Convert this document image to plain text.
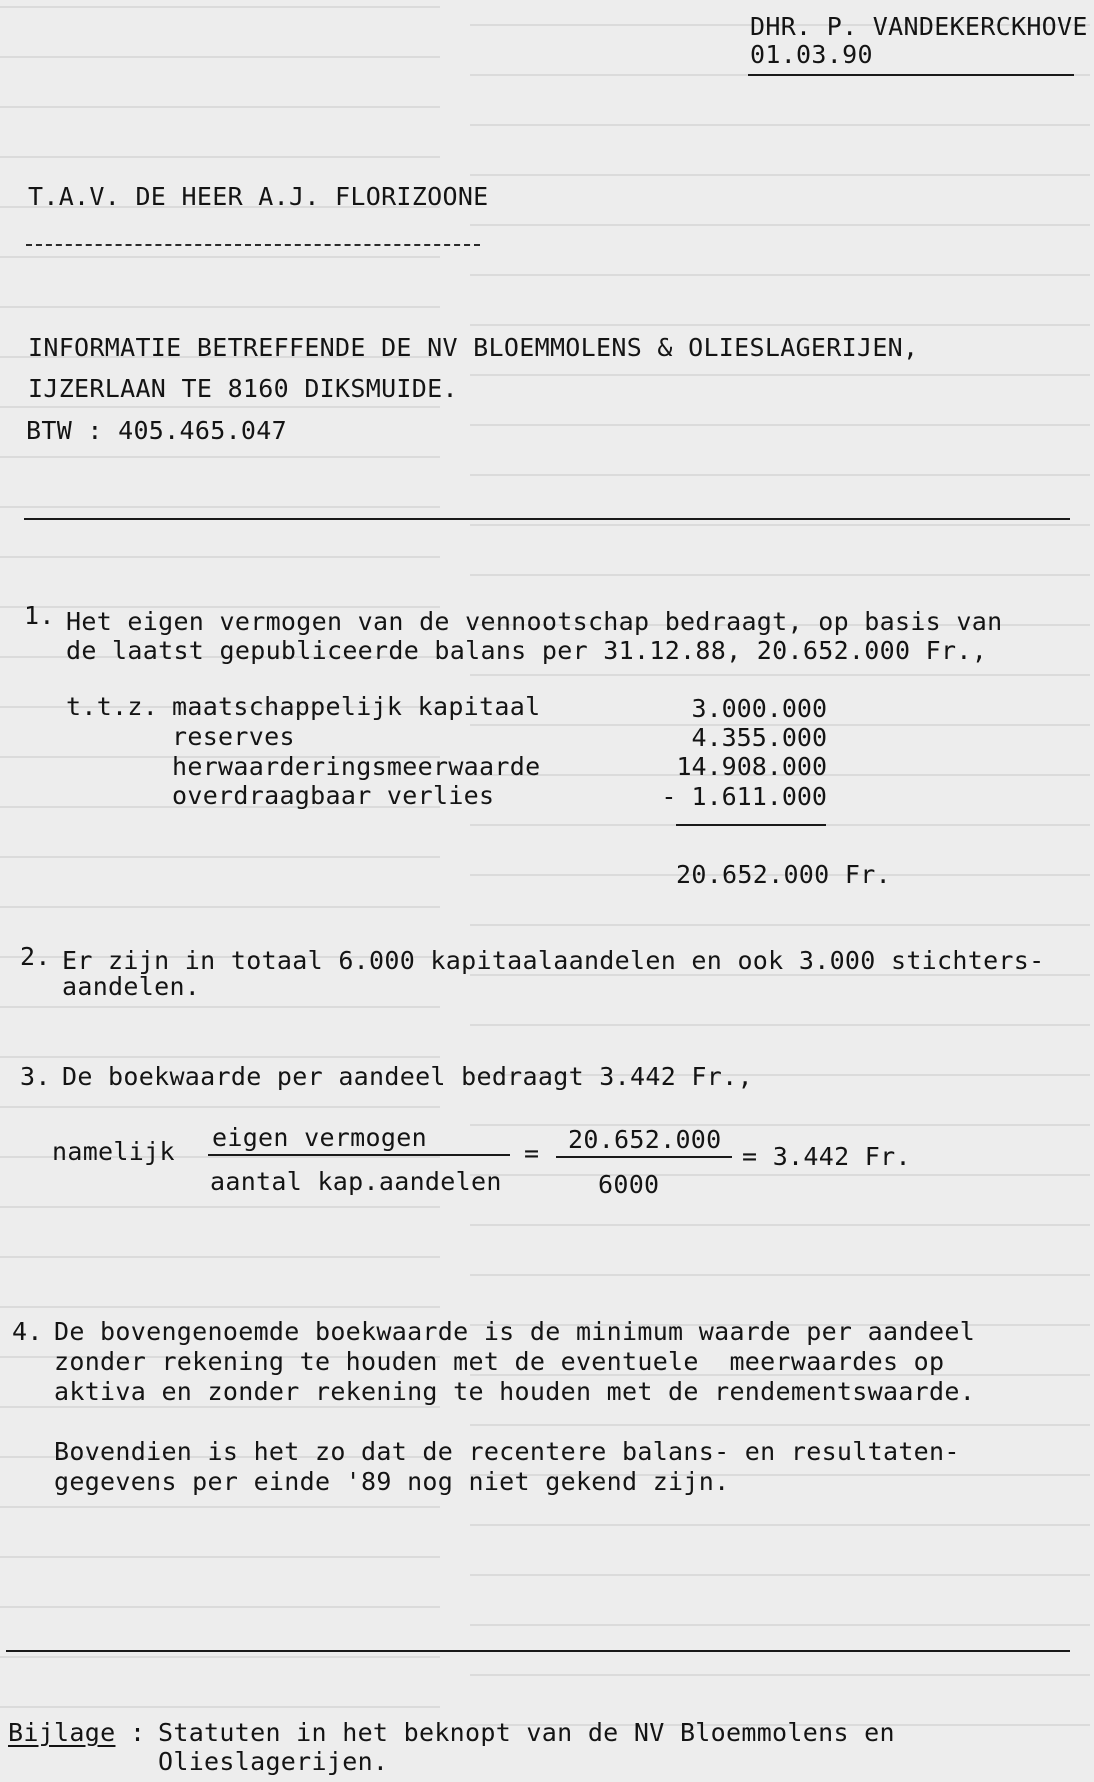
DHR. P. VANDEKERCKHOVE
01.03.90
T.A.V. DE HEER A.J. FLORIZOONE
INFORMATIE BETREFFENDE DE NV BLOEMMOLENS & OLIESLAGERIJEN,
IJZERLAAN TE 8160 DIKSMUIDE.
BTW : 405.465.047
1. Het eigen vermogen van de vennootschap bedraagt, op basis van
de laatst gepubliceerde balans per 31.12.88, 20.652.000 Fr.,
t.t.z. maatschappelijk kapitaal
reserves
herwaarderingsmeerwaarde
overdraagbaar verlies
3.000.000
4.355.000
14.908.000
- 1.611.000
20.652.000 Fr.
2. Er zijn in totaal 6.000 kapitaalaandelen en ook 3.000 stichters-
aandelen.
3. De boekwaarde per aandeel bedraagt 3.442 Fr.,
namelijk eigen vermogen
aantal kap.aandelen
= 20.652.000
6000
= 3.442 Fr.
4. De bovengenoemde boekwaarde is de minimum waarde per aandeel
zonder rekening te houden met de eventuele  meerwaardes op
aktiva en zonder rekening te houden met de rendementswaarde.
Bovendien is het zo dat de recentere balans- en resultaten-
gegevens per einde '89 nog niet gekend zijn.
Bijlage : Statuten in het beknopt van de NV Bloemmolens en
Olieslagerijen.
